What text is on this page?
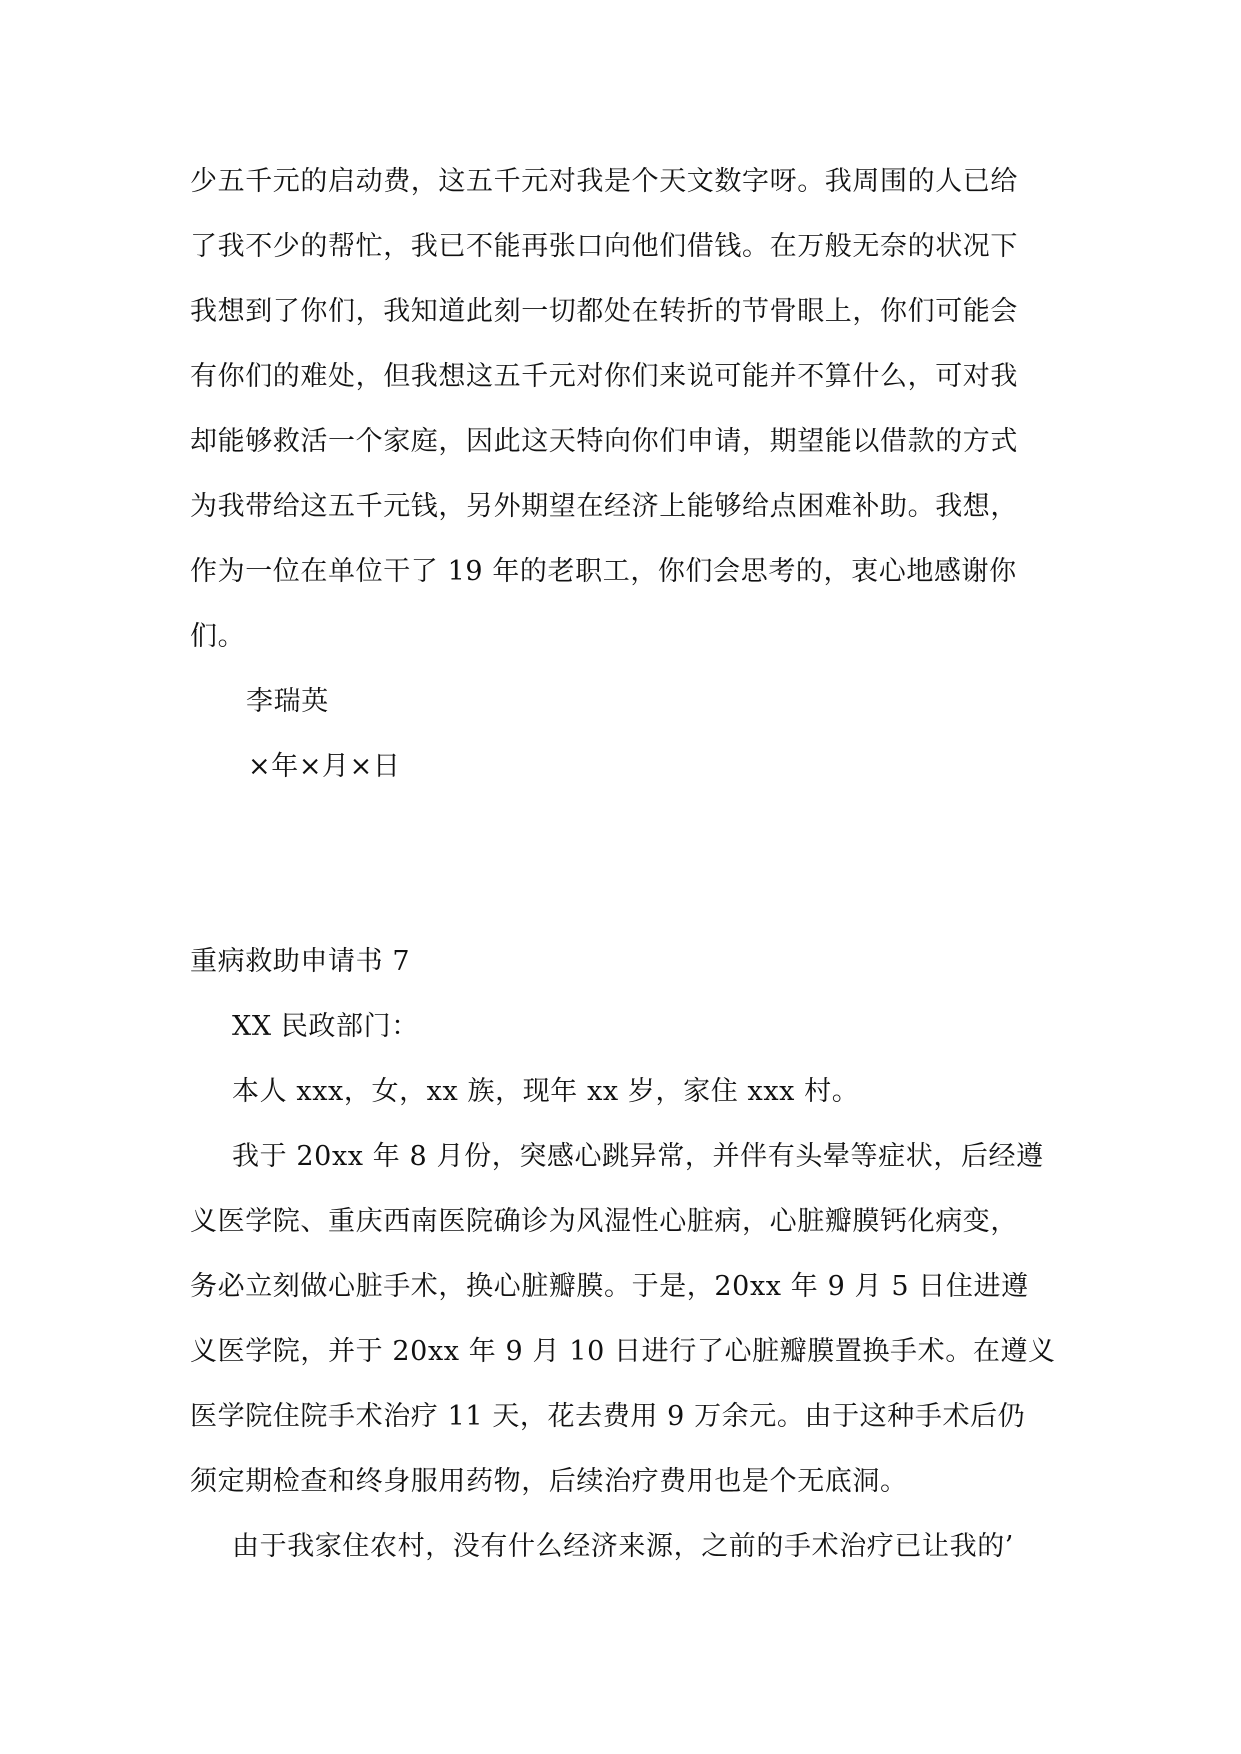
少五千元的启动费，这五千元对我是个天文数字呀。我周围的人已给
了我不少的帮忙，我已不能再张口向他们借钱。在万般无奈的状况下
我想到了你们，我知道此刻一切都处在转折的节骨眼上，你们可能会
有你们的难处，但我想这五千元对你们来说可能并不算什么，可对我
却能够救活一个家庭，因此这天特向你们申请，期望能以借款的方式
为我带给这五千元钱，另外期望在经济上能够给点困难补助。我想，
作为一位在单位干了 19 年的老职工，你们会思考的，衷心地感谢你
们。
李瑞英
×年×月×日
重病救助申请书 7
XX 民政部门：
本人 xxx，女，xx 族，现年 xx 岁，家住 xxx 村。
我于 20xx 年 8 月份，突感心跳异常，并伴有头晕等症状，后经遵
义医学院、重庆西南医院确诊为风湿性心脏病，心脏瓣膜钙化病变，
务必立刻做心脏手术，换心脏瓣膜。于是，20xx 年 9 月 5 日住进遵
义医学院，并于 20xx 年 9 月 10 日进行了心脏瓣膜置换手术。在遵义
医学院住院手术治疗 11 天，花去费用 9 万余元。由于这种手术后仍
须定期检查和终身服用药物，后续治疗费用也是个无底洞。
由于我家住农村，没有什么经济来源，之前的手术治疗已让我的’
